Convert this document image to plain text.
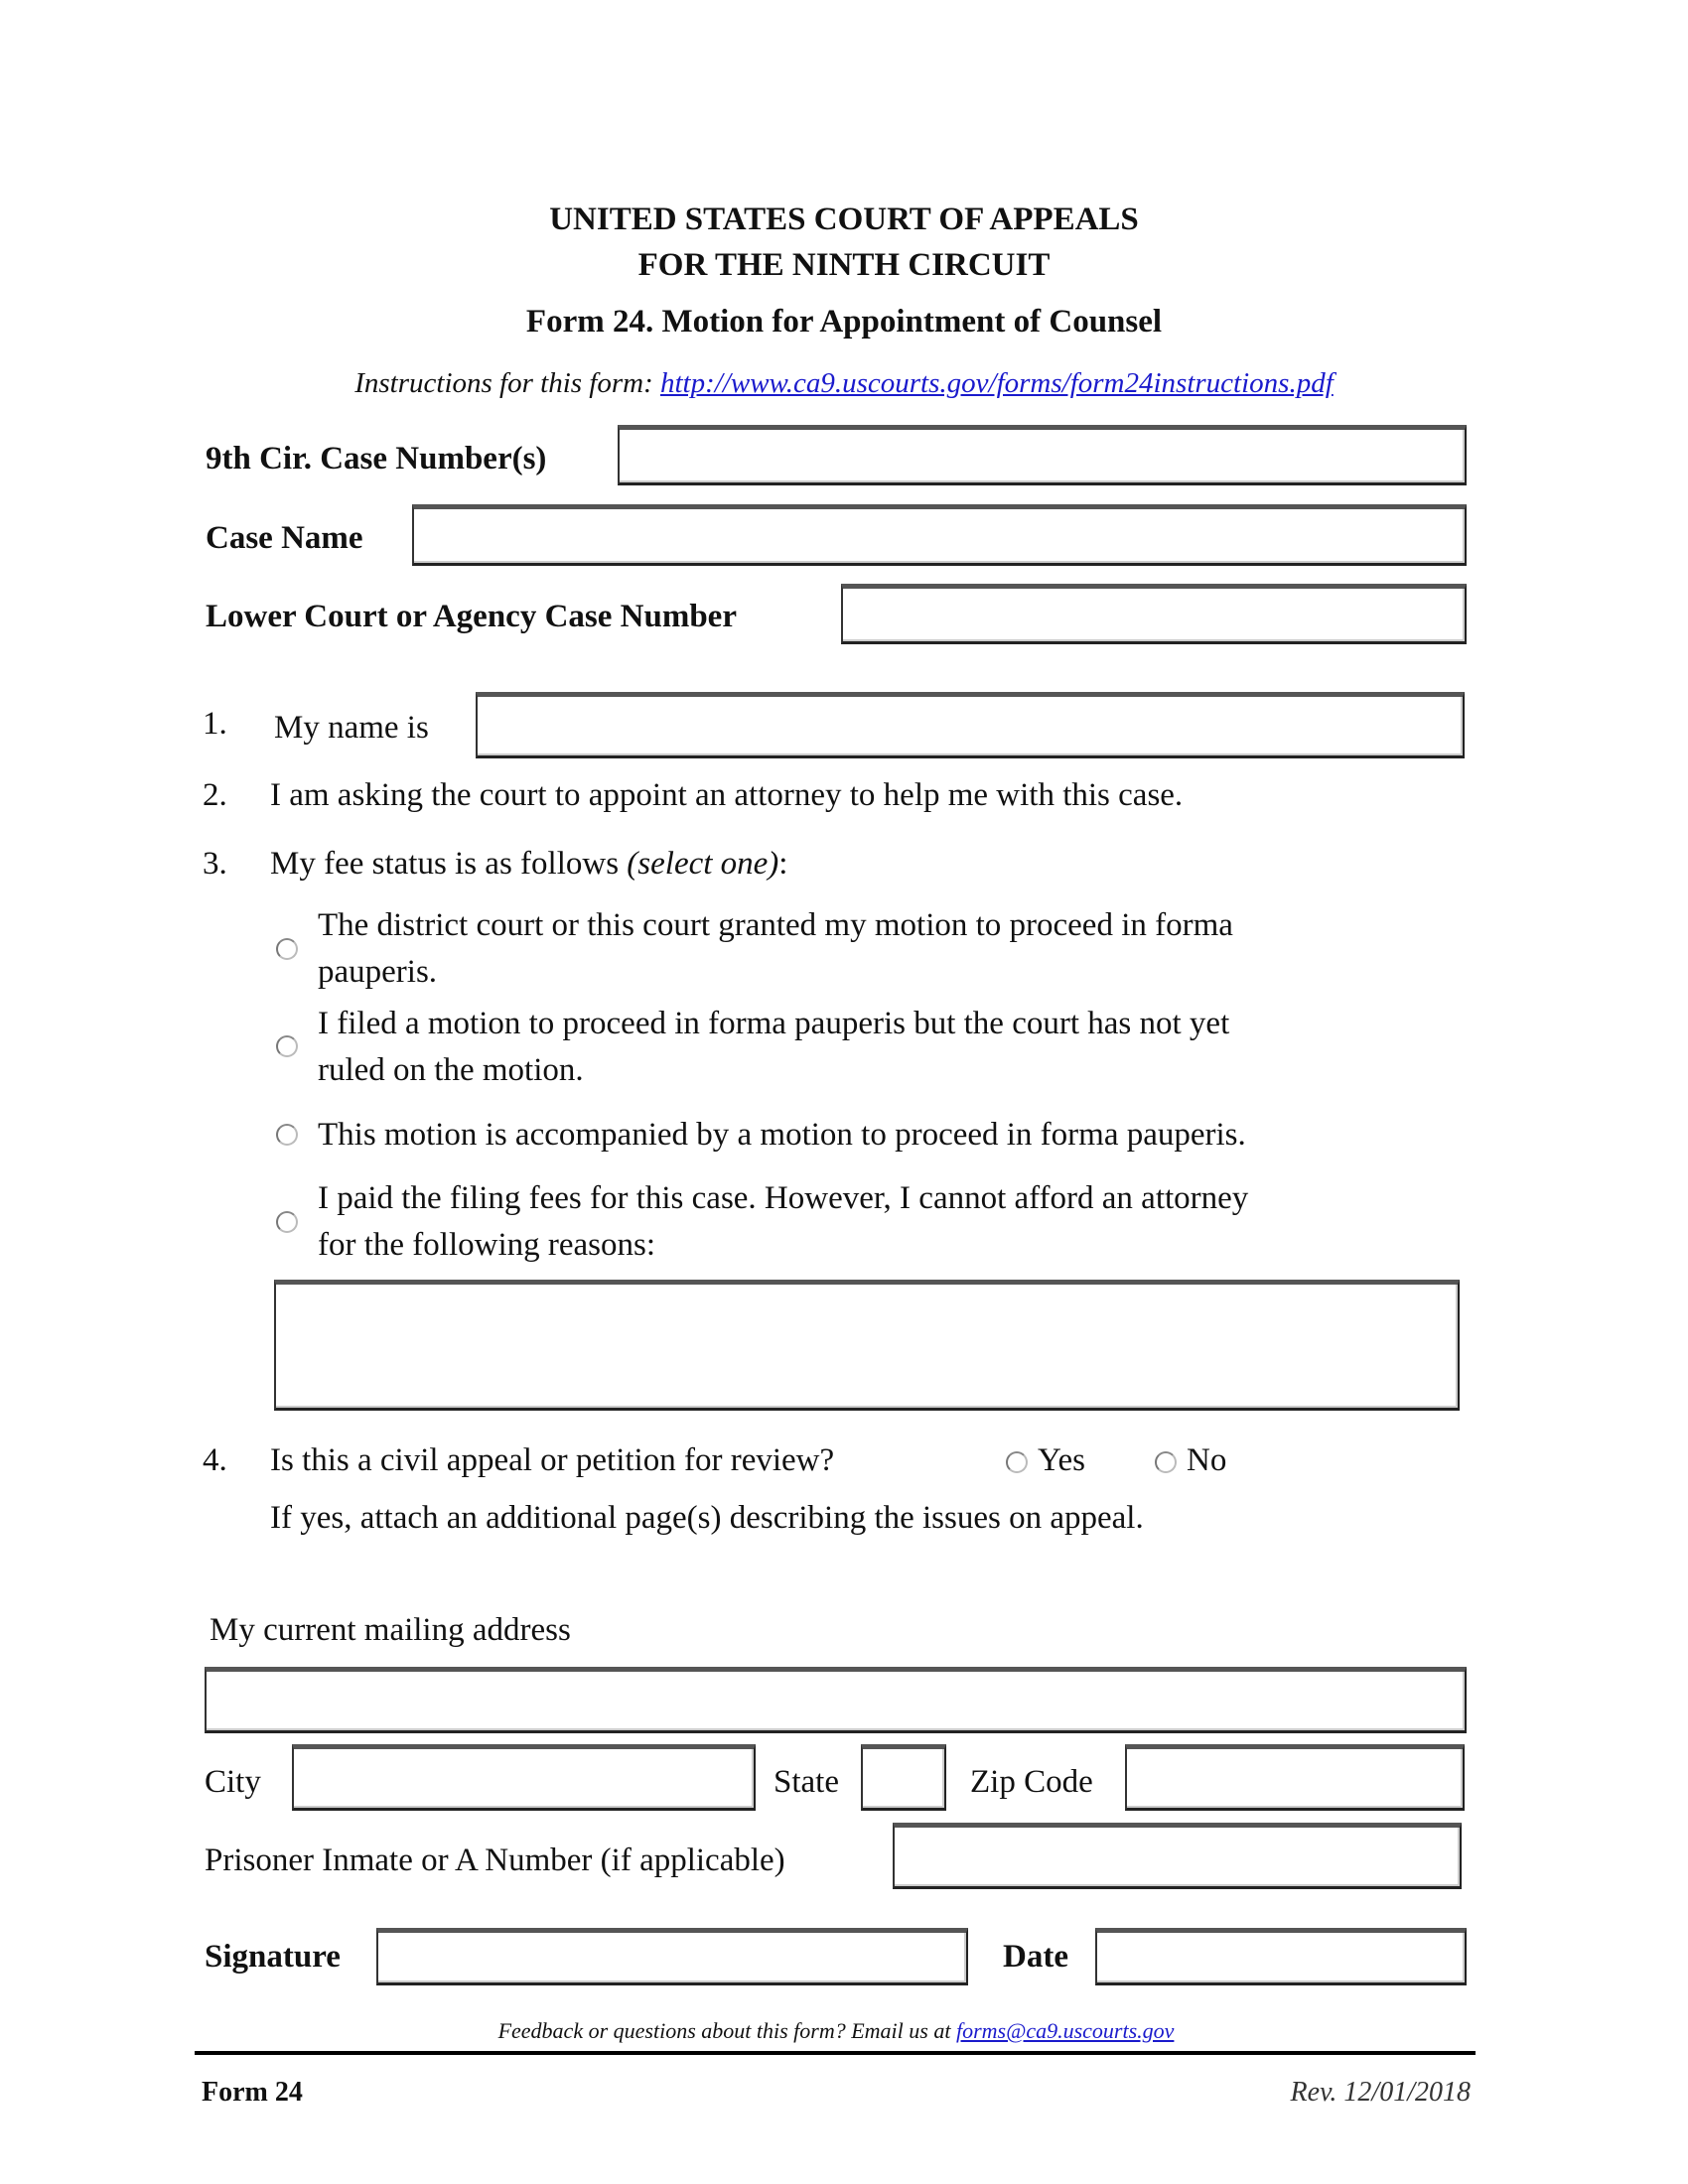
UNITED STATES COURT OF APPEALS
FOR THE NINTH CIRCUIT
Form 24. Motion for Appointment of Counsel
Instructions for this form: http://www.ca9.uscourts.gov/forms/form24instructions.pdf
9th Cir. Case Number(s)
Case Name
Lower Court or Agency Case Number
1. My name is
2. I am asking the court to appoint an attorney to help me with this case.
3. My fee status is as follows (select one):
The district court or this court granted my motion to proceed in forma
pauperis.
I filed a motion to proceed in forma pauperis but the court has not yet
ruled on the motion.
This motion is accompanied by a motion to proceed in forma pauperis.
I paid the filing fees for this case. However, I cannot afford an attorney
for the following reasons:
4. Is this a civil appeal or petition for review?	Yes	No
If yes, attach an additional page(s) describing the issues on appeal.
My current mailing address
City	State	Zip Code
Prisoner Inmate or A Number (if applicable)
Signature	Date
Feedback or questions about this form? Email us at forms@ca9.uscourts.gov
Form 24	Rev. 12/01/2018
